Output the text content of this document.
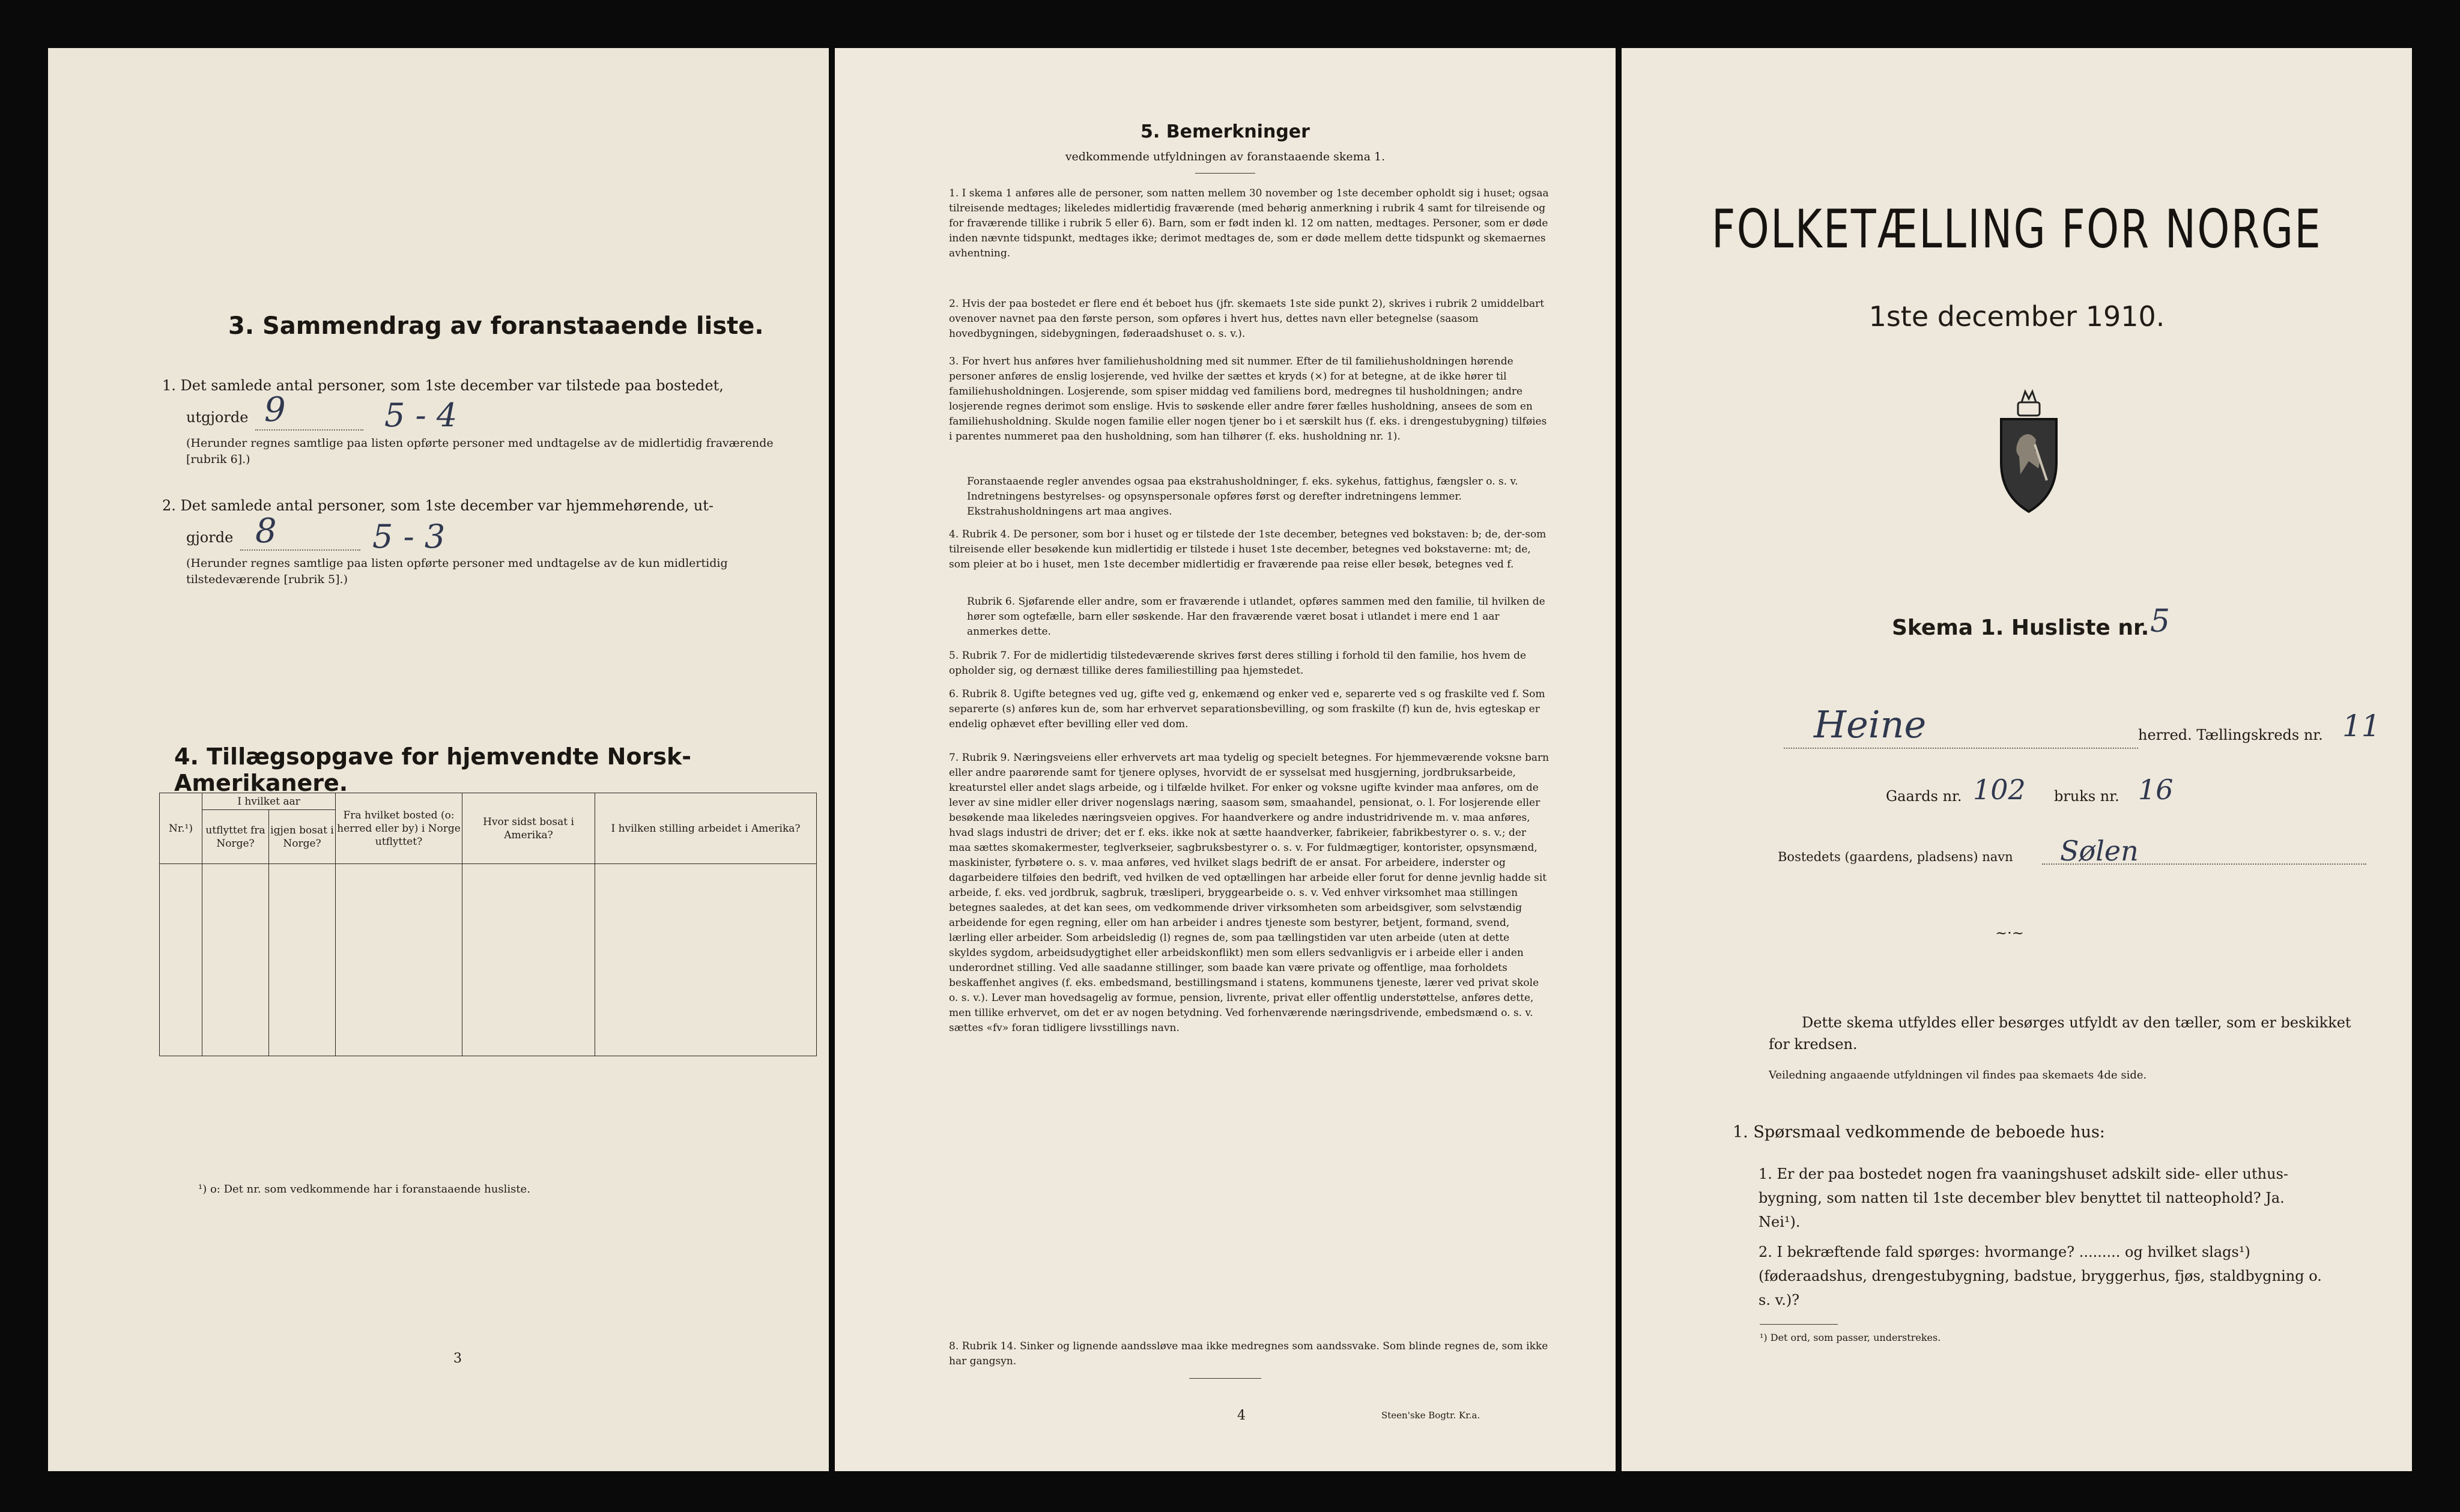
3. Sammendrag av foranstaaende liste.
1. Det samlede antal personer, som 1ste december var tilstede paa bostedet,
utgjorde 9	5 - 4
(Herunder regnes samtlige paa listen opførte personer med undtagelse av de midlertidig fraværende [rubrik 6].)
2. Det samlede antal personer, som 1ste december var hjemmehørende, ut-
gjorde 8	5 - 3
(Herunder regnes samtlige paa listen opførte personer med undtagelse av de kun midlertidig tilstedeværende [rubrik 5].)
4. Tillægsopgave for hjemvendte Norsk-Amerikanere.
Nr.¹)	I hvilket aar		Fra hvilket bosted (o: herred eller by) i Norge utflyttet?	Hvor sidst bosat i Amerika?	I hvilken stilling arbeidet i Amerika?
	utflyttet fra Norge?	igjen bosat i Norge?			

¹) o: Det nr. som vedkommende har i foranstaaende husliste.
3
5. Bemerkninger
vedkommende utfyldningen av foranstaaende skema 1.
1. I skema 1 anføres alle de personer, som natten mellem 30 november og 1ste december opholdt sig i huset; ogsaa tilreisende medtages; likeledes midlertidig fraværende (med behørig anmerkning i rubrik 4 samt for tilreisende og for fraværende tillike i rubrik 5 eller 6). Barn, som er født inden kl. 12 om natten, medtages. Personer, som er døde inden nævnte tidspunkt, medtages ikke; derimot medtages de, som er døde mellem dette tidspunkt og skemaernes avhentning.
2. Hvis der paa bostedet er flere end ét beboet hus (jfr. skemaets 1ste side punkt 2), skrives i rubrik 2 umiddelbart ovenover navnet paa den første person, som opføres i hvert hus, dettes navn eller betegnelse (saasom hovedbygningen, sidebygningen, føderaadshuset o. s. v.).
3. For hvert hus anføres hver familiehusholdning med sit nummer. Efter de til familiehusholdningen hørende personer anføres de enslig losjerende, ved hvilke der sættes et kryds (×) for at betegne, at de ikke hører til familiehusholdningen. Losjerende, som spiser middag ved familiens bord, medregnes til husholdningen; andre losjerende regnes derimot som enslige. Hvis to søskende eller andre fører fælles husholdning, ansees de som en familiehusholdning. Skulde nogen familie eller nogen tjener bo i et særskilt hus (f. eks. i drengestubygning) tilføies i parentes nummeret paa den husholdning, som han tilhører (f. eks. husholdning nr. 1).
Foranstaaende regler anvendes ogsaa paa ekstrahusholdninger, f. eks. sykehus, fattighus, fængsler o. s. v. Indretningens bestyrelses- og opsynspersonale opføres først og derefter indretningens lemmer. Ekstrahusholdningens art maa angives.
4. Rubrik 4. De personer, som bor i huset og er tilstede der 1ste december, betegnes ved bokstaven: b; de, der-som tilreisende eller besøkende kun midlertidig er tilstede i huset 1ste december, betegnes ved bokstaverne: mt; de, som pleier at bo i huset, men 1ste december midlertidig er fraværende paa reise eller besøk, betegnes ved f.
Rubrik 6. Sjøfarende eller andre, som er fraværende i utlandet, opføres sammen med den familie, til hvilken de hører som ogtefælle, barn eller søskende. Har den fraværende været bosat i utlandet i mere end 1 aar anmerkes dette.
5. Rubrik 7. For de midlertidig tilstedeværende skrives først deres stilling i forhold til den familie, hos hvem de opholder sig, og dernæst tillike deres familiestilling paa hjemstedet.
6. Rubrik 8. Ugifte betegnes ved ug, gifte ved g, enkemænd og enker ved e, separerte ved s og fraskilte ved f. Som separerte (s) anføres kun de, som har erhvervet separationsbevilling, og som fraskilte (f) kun de, hvis egteskap er endelig ophævet efter bevilling eller ved dom.
7. Rubrik 9. Næringsveiens eller erhvervets art maa tydelig og specielt betegnes. For hjemmeværende voksne barn eller andre paarørende samt for tjenere oplyses, hvorvidt de er sysselsat med husgjerning, jordbruksarbeide, kreaturstel eller andet slags arbeide, og i tilfælde hvilket. For enker og voksne ugifte kvinder maa anføres, om de lever av sine midler eller driver nogenslags næring, saasom søm, smaahandel, pensionat, o. l. For losjerende eller besøkende maa likeledes næringsveien opgives. For haandverkere og andre industridrivende m. v. maa anføres, hvad slags industri de driver; det er f. eks. ikke nok at sætte haandverker, fabrikeier, fabrikbestyrer o. s. v.; der maa sættes skomakermester, teglverkseier, sagbruksbestyrer o. s. v. For fuldmægtiger, kontorister, opsynsmænd, maskinister, fyrbøtere o. s. v. maa anføres, ved hvilket slags bedrift de er ansat. For arbeidere, inderster og dagarbeidere tilføies den bedrift, ved hvilken de ved optællingen har arbeide eller forut for denne jevnlig hadde sit arbeide, f. eks. ved jordbruk, sagbruk, træsliperi, bryggearbeide o. s. v. Ved enhver virksomhet maa stillingen betegnes saaledes, at det kan sees, om vedkommende driver virksomheten som arbeidsgiver, som selvstændig arbeidende for egen regning, eller om han arbeider i andres tjeneste som bestyrer, betjent, formand, svend, lærling eller arbeider. Som arbeidsledig (l) regnes de, som paa tællingstiden var uten arbeide (uten at dette skyldes sygdom, arbeidsudygtighet eller arbeidskonflikt) men som ellers sedvanligvis er i arbeide eller i anden underordnet stilling. Ved alle saadanne stillinger, som baade kan være private og offentlige, maa forholdets beskaffenhet angives (f. eks. embedsmand, bestillingsmand i statens, kommunens tjeneste, lærer ved privat skole o. s. v.). Lever man hovedsagelig av formue, pension, livrente, privat eller offentlig understøttelse, anføres dette, men tillike erhvervet, om det er av nogen betydning. Ved forhenværende næringsdrivende, embedsmænd o. s. v. sættes «fv» foran tidligere livsstillings navn.
8. Rubrik 14. Sinker og lignende aandssløve maa ikke medregnes som aandssvake. Som blinde regnes de, som ikke har gangsyn.
4	Steen'ske Bogtr. Kr.a.
FOLKETÆLLING FOR NORGE
1ste december 1910.
Skema 1. Husliste nr. 5
Heine	herred. Tællingskreds nr. 11
Gaards nr. 102 bruks nr. 16
Bostedets (gaardens, pladsens) navn Sølen
~·~
Dette skema utfyldes eller besørges utfyldt av den tæller, som er beskikket for kredsen.
Veiledning angaaende utfyldningen vil findes paa skemaets 4de side.
1. Spørsmaal vedkommende de beboede hus:
1. Er der paa bostedet nogen fra vaaningshuset adskilt side- eller uthus-bygning, som natten til 1ste december blev benyttet til natteophold? Ja. Nei¹).
2. I bekræftende fald spørges: hvormange? ......... og hvilket slags¹) (føderaadshus, drengestubygning, badstue, bryggerhus, fjøs, staldbygning o. s. v.)?
¹) Det ord, som passer, understrekes.
